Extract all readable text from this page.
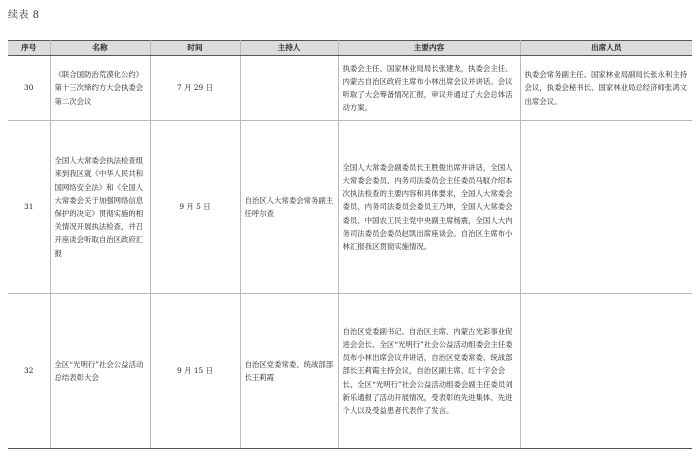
续表 8
序号	名称	时间	主持人	主要内容	出席人员
30	《联合国防治荒漠化公约》第十三次缔约方大会执委会第二次会议	7 月 29 日		执委会主任、国家林业局局长张建龙，执委会主任、内蒙古自治区政府主席布小林出席会议并讲话。会议听取了大会筹备情况汇报，审议并通过了大会总体活动方案。	执委会常务副主任、国家林业局副局长张永利主持会议，执委会秘书长、国家林业局总经济师张鸿文出席会议。
31	全国人大常委会执法检查组来到我区就《中华人民共和国网络安全法》和《全国人大常委会关于加强网络信息保护的决定》贯彻实施的相关情况开展执法检查，并召开座谈会听取自治区政府汇报	9 月 5 日	自治区人大常委会常务副主任呼尔查	全国人大常委会副委员长王胜俊出席并讲话，全国人大常委会委员、内务司法委员会主任委员马馼介绍本次执法检查的主要内容和具体要求，全国人大常委会委员、内务司法委员会委员王乃坤，全国人大常委会委员、中国农工民主党中央副主席杨震，全国人大内务司法委员会委员赵凯出席座谈会。自治区主席布小林汇报我区贯彻实施情况。	
32	全区“光明行”社会公益活动总结表彰大会	9 月 15 日	自治区党委常委、统战部部长王莉霞	自治区党委副书记、自治区主席、内蒙古光彩事业促进会会长、全区“光明行”社会公益活动组委会主任委员布小林出席会议并讲话，自治区党委常委、统战部部长王莉霞主持会议，自治区副主席、红十字会会长、全区“光明行”社会公益活动组委会副主任委员刘新乐通报了活动开展情况，受表彰的先进集体、先进个人以及受益患者代表作了发言。	
